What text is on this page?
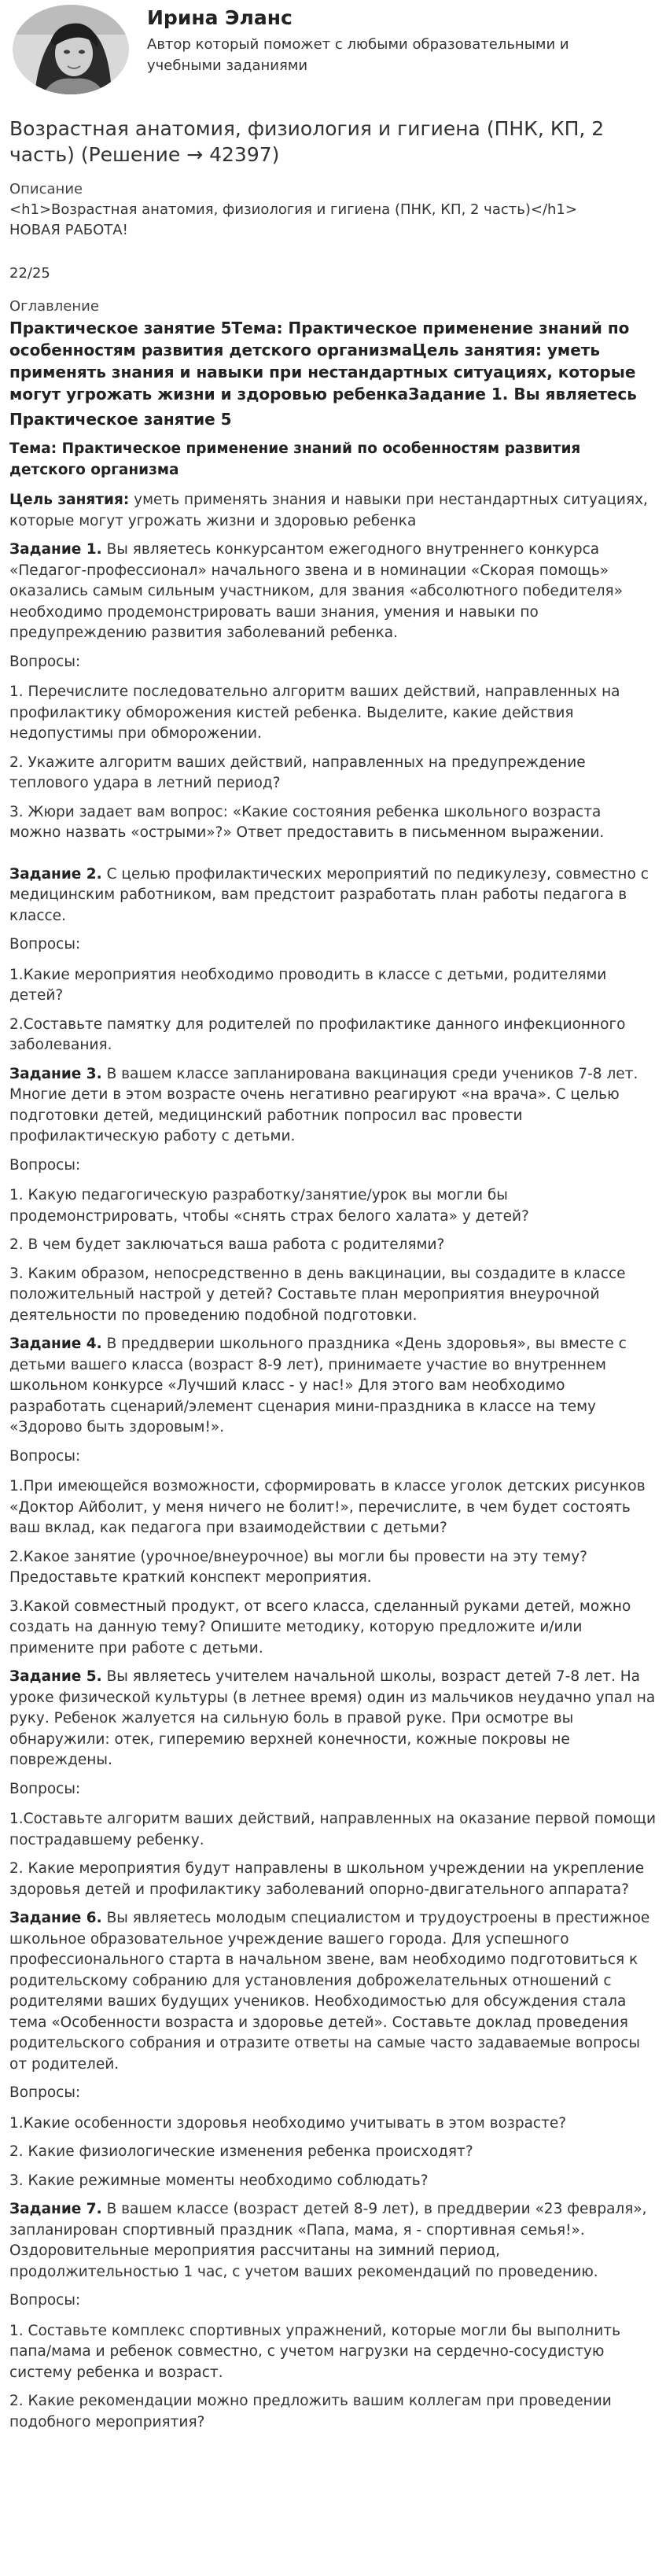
Ирина Эланс
Автор который поможет с любыми образовательными и учебными заданиями
Возрастная анатомия, физиология и гигиена (ПНК, КП, 2 часть) (Решение → 42397)
Описание
<h1>Возрастная анатомия, физиология и гигиена (ПНК, КП, 2 часть)</h1>
НОВАЯ РАБОТА!
22/25
Оглавление
Практическое занятие 5Тема: Практическое применение знаний по особенностям развития детского организмаЦель занятия: уметь применять знания и навыки при нестандартных ситуациях, которые могут угрожать жизни и здоровью ребенкаЗадание 1. Вы являетесь
Практическое занятие 5
Тема: Практическое применение знаний по особенностям развития детского организма

Цель занятия: уметь применять знания и навыки при нестандартных ситуациях, которые могут угрожать жизни и здоровью ребенка

Задание 1. Вы являетесь конкурсантом ежегодного внутреннего конкурса «Педагог-профессионал» начального звена и в номинации «Скорая помощь» оказались самым сильным участником, для звания «абсолютного победителя» необходимо продемонстрировать ваши знания, умения и навыки по предупреждению развития заболеваний ребенка.

Вопросы:

1. Перечислите последовательно алгоритм ваших действий, направленных на профилактику обморожения кистей ребенка. Выделите, какие действия недопустимы при обморожении.

2. Укажите алгоритм ваших действий, направленных на предупреждение теплового удара в летний период?

3. Жюри задает вам вопрос: «Какие состояния ребенка школьного возраста можно назвать «острыми»?» Ответ предоставить в письменном выражении.

Задание 2. С целью профилактических мероприятий по педикулезу, совместно с медицинским работником, вам предстоит разработать план работы педагога в классе.

Вопросы:

1.Какие мероприятия необходимо проводить в классе с детьми, родителями детей?

2.Составьте памятку для родителей по профилактике данного инфекционного заболевания.

Задание 3. В вашем классе запланирована вакцинация среди учеников 7-8 лет. Многие дети в этом возрасте очень негативно реагируют «на врача». С целью подготовки детей, медицинский работник попросил вас провести профилактическую работу с детьми.

Вопросы:

1. Какую педагогическую разработку/занятие/урок вы могли бы продемонстрировать, чтобы «снять страх белого халата» у детей?

2. В чем будет заключаться ваша работа с родителями?

3. Каким образом, непосредственно в день вакцинации, вы создадите в классе положительный настрой у детей? Составьте план мероприятия внеурочной деятельности по проведению подобной подготовки.

Задание 4. В преддверии школьного праздника «День здоровья», вы вместе с детьми вашего класса (возраст 8-9 лет), принимаете участие во внутреннем школьном конкурсе «Лучший класс - у нас!» Для этого вам необходимо разработать сценарий/элемент сценария мини-праздника в классе на тему «Здорово быть здоровым!».

Вопросы:

1.При имеющейся возможности, сформировать в классе уголок детских рисунков «Доктор Айболит, у меня ничего не болит!», перечислите, в чем будет состоять ваш вклад, как педагога при взаимодействии с детьми?

2.Какое занятие (урочное/внеурочное) вы могли бы провести на эту тему? Предоставьте краткий конспект мероприятия.

3.Какой совместный продукт, от всего класса, сделанный руками детей, можно создать на данную тему? Опишите методику, которую предложите и/или примените при работе с детьми.

Задание 5. Вы являетесь учителем начальной школы, возраст детей 7-8 лет. На уроке физической культуры (в летнее время) один из мальчиков неудачно упал на руку. Ребенок жалуется на сильную боль в правой руке. При осмотре вы обнаружили: отек, гиперемию верхней конечности, кожные покровы не повреждены.

Вопросы:

1.Составьте алгоритм ваших действий, направленных на оказание первой помощи пострадавшему ребенку.

2. Какие мероприятия будут направлены в школьном учреждении на укрепление здоровья детей и профилактику заболеваний опорно-двигательного аппарата?

Задание 6. Вы являетесь молодым специалистом и трудоустроены в престижное школьное образовательное учреждение вашего города. Для успешного профессионального старта в начальном звене, вам необходимо подготовиться к родительскому собранию для установления доброжелательных отношений с родителями ваших будущих учеников. Необходимостью для обсуждения стала тема «Особенности возраста и здоровье детей». Составьте доклад проведения родительского собрания и отразите ответы на самые часто задаваемые вопросы от родителей.

Вопросы:

1.Какие особенности здоровья необходимо учитывать в этом возрасте?

2. Какие физиологические изменения ребенка происходят?

3. Какие режимные моменты необходимо соблюдать?

Задание 7. В вашем классе (возраст детей 8-9 лет), в преддверии «23 февраля», запланирован спортивный праздник «Папа, мама, я - спортивная семья!». Оздоровительные мероприятия рассчитаны на зимний период, продолжительностью 1 час, с учетом ваших рекомендаций по проведению.

Вопросы:

1. Составьте комплекс спортивных упражнений, которые могли бы выполнить папа/мама и ребенок совместно, с учетом нагрузки на сердечно-сосудистую систему ребенка и возраст.

2. Какие рекомендации можно предложить вашим коллегам при проведении подобного мероприятия?
